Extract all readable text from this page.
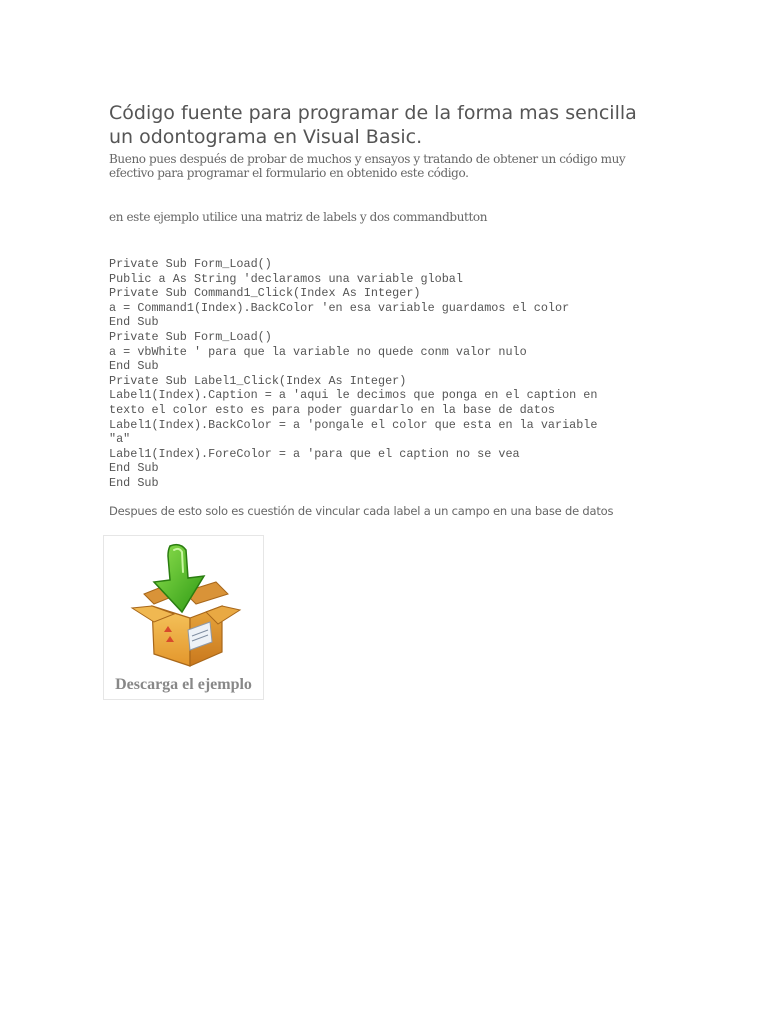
Código fuente para programar de la forma mas sencilla
un odontograma en Visual Basic.

Bueno pues después de probar de muchos y ensayos y tratando de obtener un código muy efectivo para programar el formulario en obtenido este código.

en este ejemplo utilice una matriz de labels y dos commandbutton

Private Sub Form_Load()
Public a As String 'declaramos una variable global
Private Sub Command1_Click(Index As Integer)
a = Command1(Index).BackColor 'en esa variable guardamos el color
End Sub
Private Sub Form_Load()
a = vbWhite ' para que la variable no quede conm valor nulo
End Sub
Private Sub Label1_Click(Index As Integer)
Label1(Index).Caption = a 'aqui le decimos que ponga en el caption en
texto el color esto es para poder guardarlo en la base de datos
Label1(Index).BackColor = a 'pongale el color que esta en la variable
"a"
Label1(Index).ForeColor = a 'para que el caption no se vea
End Sub
End Sub

Despues de esto solo es cuestión de vincular cada label a un campo en una base de datos

Descarga el ejemplo
